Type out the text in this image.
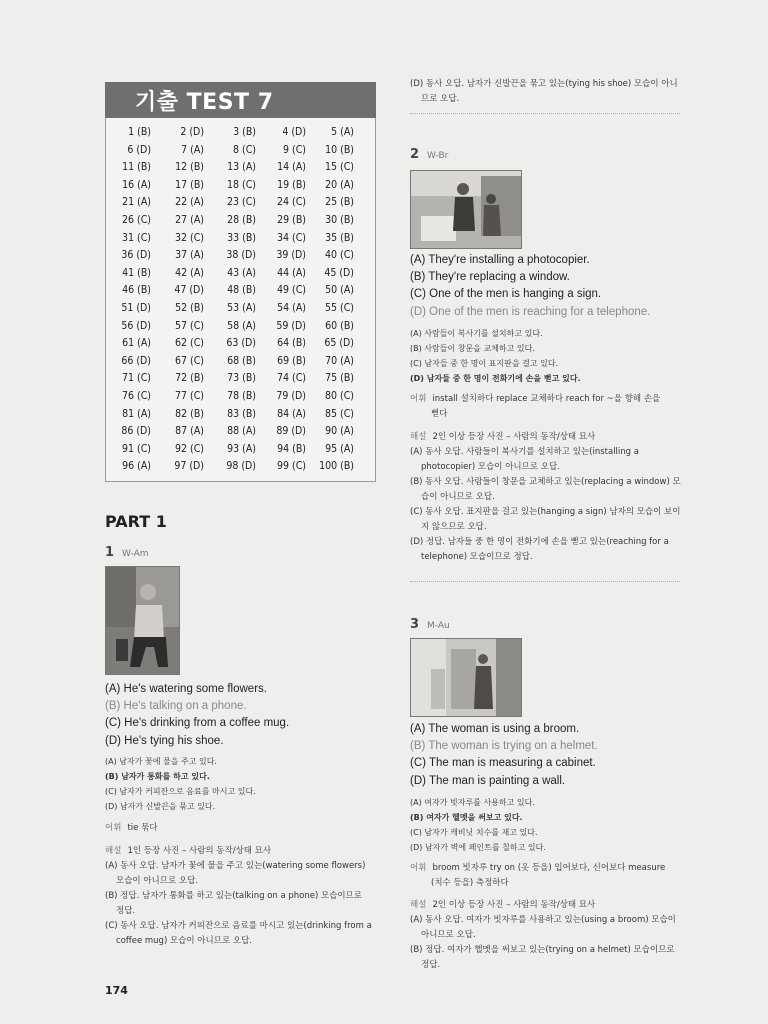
기출 TEST 7
1 (B)	2 (D)	3 (B)	4 (D)	5 (A)
6 (D)	7 (A)	8 (C)	9 (C)	10 (B)
11 (B)	12 (B)	13 (A)	14 (A)	15 (C)
16 (A)	17 (B)	18 (C)	19 (B)	20 (A)
21 (A)	22 (A)	23 (C)	24 (C)	25 (B)
26 (C)	27 (A)	28 (B)	29 (B)	30 (B)
31 (C)	32 (C)	33 (B)	34 (C)	35 (B)
36 (D)	37 (A)	38 (D)	39 (D)	40 (C)
41 (B)	42 (A)	43 (A)	44 (A)	45 (D)
46 (B)	47 (D)	48 (B)	49 (C)	50 (A)
51 (D)	52 (B)	53 (A)	54 (A)	55 (C)
56 (D)	57 (C)	58 (A)	59 (D)	60 (B)
61 (A)	62 (C)	63 (D)	64 (B)	65 (D)
66 (D)	67 (C)	68 (B)	69 (B)	70 (A)
71 (C)	72 (B)	73 (B)	74 (C)	75 (B)
76 (C)	77 (C)	78 (B)	79 (D)	80 (C)
81 (A)	82 (B)	83 (B)	84 (A)	85 (C)
86 (D)	87 (A)	88 (A)	89 (D)	90 (A)
91 (C)	92 (C)	93 (A)	94 (B)	95 (A)
96 (A)	97 (D)	98 (D)	99 (C)	100 (B)
PART 1
1 W-Am
(A) He's watering some flowers.
(B) He's talking on a phone.
(C) He's drinking from a coffee mug.
(D) He's tying his shoe.
(A) 남자가 꽃에 물을 주고 있다.
(B) 남자가 통화를 하고 있다.
(C) 남자가 커피잔으로 음료를 마시고 있다.
(D) 남자가 신발끈을 묶고 있다.
어휘 tie 묶다
해설 1인 등장 사진 – 사람의 동작/상태 묘사
(A) 동사 오답. 남자가 꽃에 물을 주고 있는(watering some flowers)
모습이 아니므로 오답.
(B) 정답. 남자가 통화를 하고 있는(talking on a phone) 모습이므로
정답.
(C) 동사 오답. 남자가 커피잔으로 음료를 마시고 있는(drinking from a
coffee mug) 모습이 아니므로 오답.
174
(D) 동사 오답. 남자가 신발끈을 묶고 있는(tying his shoe) 모습이 아니
므로 오답.
2 W-Br
(A) They're installing a photocopier.
(B) They're replacing a window.
(C) One of the men is hanging a sign.
(D) One of the men is reaching for a telephone.
(A) 사람들이 복사기를 설치하고 있다.
(B) 사람들이 창문을 교체하고 있다.
(C) 남자들 중 한 명이 표지판을 걸고 있다.
(D) 남자들 중 한 명이 전화기에 손을 뻗고 있다.
어휘 install 설치하다 replace 교체하다 reach for ~을 향해 손을
뻗다
해설 2인 이상 등장 사진 – 사람의 동작/상태 묘사
(A) 동사 오답. 사람들이 복사기를 설치하고 있는(installing a
photocopier) 모습이 아니므로 오답.
(B) 동사 오답. 사람들이 창문을 교체하고 있는(replacing a window) 모
습이 아니므로 오답.
(C) 동사 오답. 표지판을 걸고 있는(hanging a sign) 남자의 모습이 보이
지 않으므로 오답.
(D) 정답. 남자들 중 한 명이 전화기에 손을 뻗고 있는(reaching for a
telephone) 모습이므로 정답.
3 M-Au
(A) The woman is using a broom.
(B) The woman is trying on a helmet.
(C) The man is measuring a cabinet.
(D) The man is painting a wall.
(A) 여자가 빗자루를 사용하고 있다.
(B) 여자가 헬멧을 써보고 있다.
(C) 남자가 캐비닛 치수를 재고 있다.
(D) 남자가 벽에 페인트를 칠하고 있다.
어휘 broom 빗자루 try on (옷 등을) 입어보다, 신어보다 measure
(치수 등을) 측정하다
해설 2인 이상 등장 사진 – 사람의 동작/상태 묘사
(A) 동사 오답. 여자가 빗자루를 사용하고 있는(using a broom) 모습이
아니므로 오답.
(B) 정답. 여자가 헬멧을 써보고 있는(trying on a helmet) 모습이므로
정답.
